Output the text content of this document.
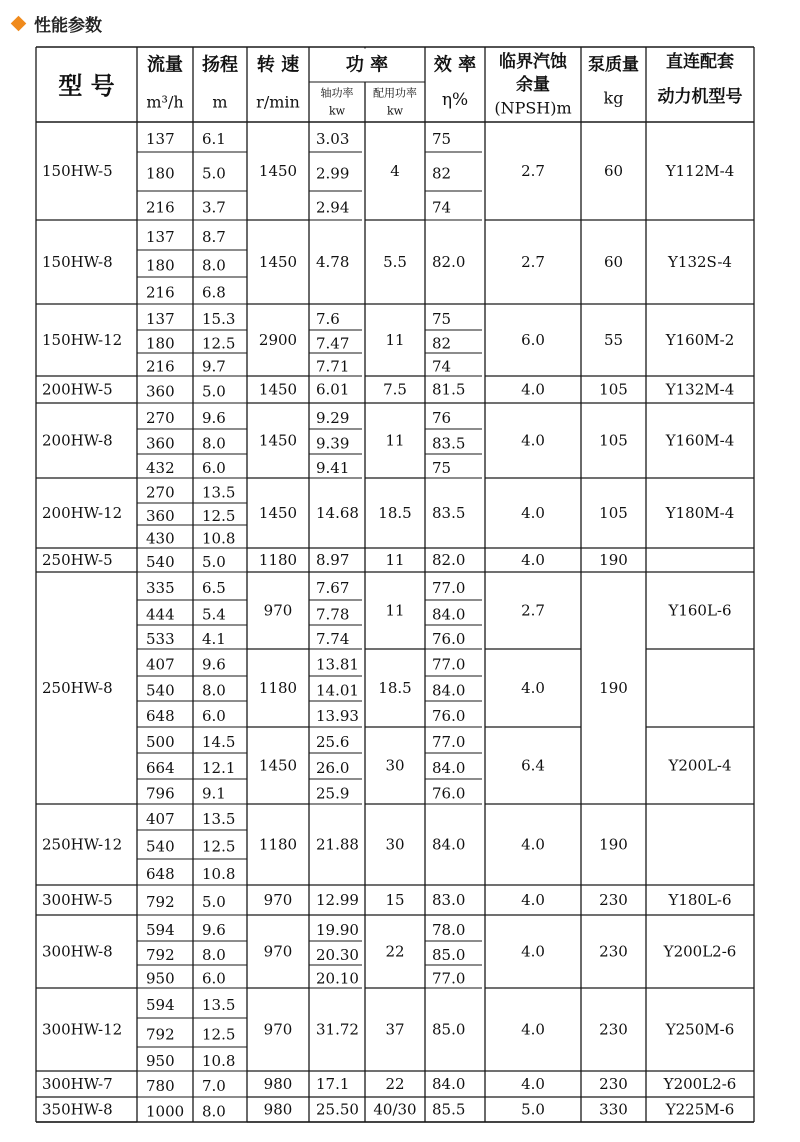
性能参数
型 号
流量
m³/h
扬程
m
转 速
r/min
功 率
轴功率
kw
配用功率
kw
效 率
η%
临界汽蚀
余量
(NPSH)m
泵质量
kg
直连配套
动力机型号
150HW-5
150HW-8
150HW-12
200HW-5
200HW-8
200HW-12
250HW-5
250HW-8
250HW-12
300HW-5
300HW-8
300HW-12
300HW-7
350HW-8
1450
1450
2900
1450
1450
1450
1180
970
1180
1450
1180
970
970
970
980
980
4
5.5
11
7.5
11
18.5
11
11
18.5
30
30
15
22
37
22
40/30
2.7
2.7
6.0
4.0
4.0
4.0
4.0
2.7
4.0
6.4
4.0
4.0
4.0
4.0
4.0
5.0
60
60
55
105
105
105
190
190
190
230
230
230
230
330
Y112M-4
Y132S-4
Y160M-2
Y132M-4
Y160M-4
Y180M-4
Y160L-6
Y200L-4
Y180L-6
Y200L2-6
Y250M-6
Y200L2-6
Y225M-6
137 6.1
180 5.0
216 3.7
137 8.7
180 8.0
216 6.8
137 15.3
180 12.5
216 9.7
360 5.0
270 9.6
360 8.0
432 6.0
270 13.5
360 12.5
430 10.8
540 5.0
335 6.5
444 5.4
533 4.1
407 9.6
540 8.0
648 6.0
500 14.5
664 12.1
796 9.1
407 13.5
540 12.5
648 10.8
792 5.0
594 9.6
792 8.0
950 6.0
594 13.5
792 12.5
950 10.8
780 7.0
1000 8.0
3.03
2.99
2.94
7.6
7.47
7.71
9.29
9.39
9.41
7.67
7.78
7.74
13.81
14.01
13.93
25.6
26.0
25.9
19.90
20.30
20.10
4.78
6.01
14.68
8.97
21.88
12.99
31.72
17.1
25.50
75
82
74
75
82
74
76
83.5
75
77.0
84.0
76.0
77.0
84.0
76.0
77.0
84.0
76.0
78.0
85.0
77.0
82.0
81.5
83.5
82.0
84.0
83.0
85.0
84.0
85.5
